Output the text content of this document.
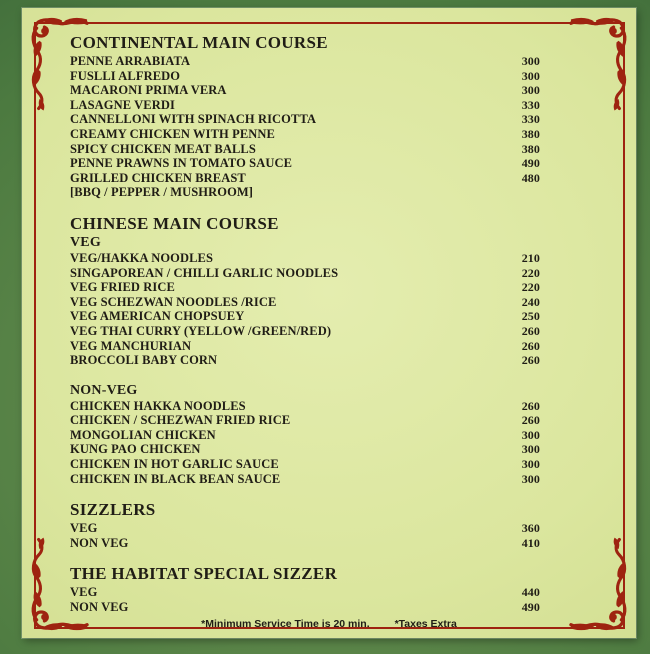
CONTINENTAL MAIN COURSE
PENNE ARRABIATA	300
FUSLLI ALFREDO	300
MACARONI PRIMA VERA	300
LASAGNE VERDI	330
CANNELLONI WITH SPINACH RICOTTA	330
CREAMY CHICKEN WITH PENNE	380
SPICY CHICKEN MEAT BALLS	380
PENNE PRAWNS IN TOMATO SAUCE	490
GRILLED CHICKEN BREAST	480
[BBQ / PEPPER / MUSHROOM]
CHINESE MAIN COURSE
VEG
VEG/HAKKA NOODLES	210
SINGAPOREAN / CHILLI GARLIC NOODLES	220
VEG FRIED RICE	220
VEG SCHEZWAN NOODLES /RICE	240
VEG AMERICAN CHOPSUEY	250
VEG THAI CURRY (YELLOW /GREEN/RED)	260
VEG MANCHURIAN	260
BROCCOLI BABY CORN	260
NON-VEG
CHICKEN HAKKA NOODLES	260
CHICKEN / SCHEZWAN FRIED RICE	260
MONGOLIAN CHICKEN	300
KUNG PAO CHICKEN	300
CHICKEN IN HOT GARLIC SAUCE	300
CHICKEN IN BLACK BEAN SAUCE	300
SIZZLERS
VEG	360
NON VEG	410
THE HABITAT SPECIAL SIZZER
VEG	440
NON VEG	490
*Minimum Service Time is 20 min. *Taxes Extra
